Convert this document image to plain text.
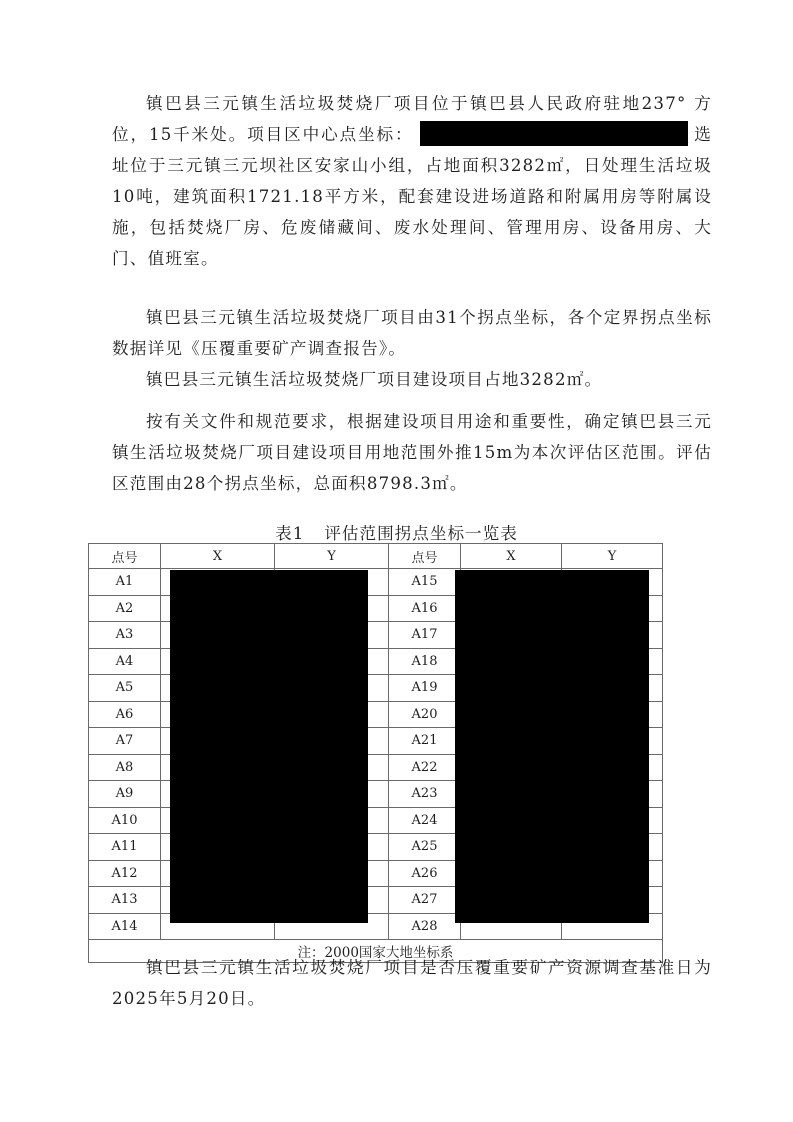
镇巴县三元镇生活垃圾焚烧厂项目位于镇巴县人民政府驻地237° 方位，15千米处。项目区中心点坐标：	选址位于三元镇三元坝社区安家山小组，占地面积3282㎡，日处理生活垃圾10吨，建筑面积1721.18平方米，配套建设进场道路和附属用房等附属设施，包括焚烧厂房、危废储藏间、废水处理间、管理用房、设备用房、大门、值班室。

镇巴县三元镇生活垃圾焚烧厂项目由31个拐点坐标，各个定界拐点坐标数据详见《压覆重要矿产调查报告》。

镇巴县三元镇生活垃圾焚烧厂项目建设项目占地3282㎡。

按有关文件和规范要求，根据建设项目用途和重要性，确定镇巴县三元镇生活垃圾焚烧厂项目建设项目用地范围外推15m为本次评估区范围。评估区范围由28个拐点坐标，总面积8798.3㎡。

表1 评估范围拐点坐标一览表
点号	X	Y	点号	X	Y
A1			A15		
A2			A16		
A3			A17		
A4			A18		
A5			A19		
A6			A20		
A7			A21		
A8			A22		
A9			A23		
A10			A24		
A11			A25		
A12			A26		
A13			A27		
A14			A28		
注：2000国家大地坐标系					

镇巴县三元镇生活垃圾焚烧厂项目是否压覆重要矿产资源调查基准日为2025年5月20日。
